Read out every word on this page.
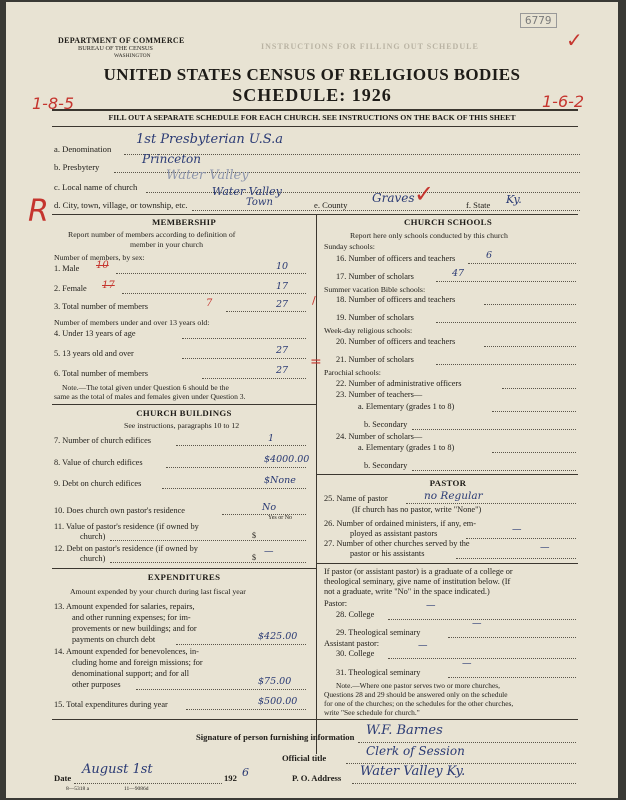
6779
✓
DEPARTMENT OF COMMERCE
BUREAU OF THE CENSUS
WASHINGTON
INSTRUCTIONS FOR FILLING OUT SCHEDULE
UNITED STATES CENSUS OF RELIGIOUS BODIES
SCHEDULE: 1926
1-8-5	1-6-2
FILL OUT A SEPARATE SCHEDULE FOR EACH CHURCH. SEE INSTRUCTIONS ON THE BACK OF THIS SHEET
a. Denomination
1st Presbyterian U.S.a
b. Presbytery
Princeton
c. Local name of church
Water Valley
d. City, town, village, or township, etc.
Water Valley
Town	e. County Graves ✓	f. State Ky.
R	MEMBERSHIP
Report number of members according to definition of
member in your church
Number of members, by sex:
1. Male 10	10
2. Female 17	17
3. Total number of members	7	27 /
Number of members under and over 13 years old:
4. Under 13 years of age
5. 13 years old and over	27
6. Total number of members	27
=
Note.—The total given under Question 6 should be the
same as the total of males and females given under Question 3.
CHURCH BUILDINGS
See instructions, paragraphs 10 to 12
7. Number of church edifices	1
8. Value of church edifices	$4000.00
9. Debt on church edifices	$None
10. Does church own pastor's residence	No
Yes or No
11. Value of pastor's residence (if owned by
church)	$
12. Debt on pastor's residence (if owned by
church)	$
—
EXPENDITURES
Amount expended by your church during last fiscal year
13. Amount expended for salaries, repairs,
and other running expenses; for im-
provements or new buildings; and for
payments on church debt	$425.00
14. Amount expended for benevolences, in-
cluding home and foreign missions; for
denominational support; and for all
other purposes	$75.00
15. Total expenditures during year	$500.00
CHURCH SCHOOLS
Report here only schools conducted by this church
Sunday schools:
16. Number of officers and teachers	6
17. Number of scholars	47
Summer vacation Bible schools:
18. Number of officers and teachers
19. Number of scholars
Week-day religious schools:
20. Number of officers and teachers
21. Number of scholars
Parochial schools:
22. Number of administrative officers
23. Number of teachers—
a. Elementary (grades 1 to 8)
b. Secondary
24. Number of scholars—
a. Elementary (grades 1 to 8)
b. Secondary
PASTOR
25. Name of pastor	no Regular
(If church has no pastor, write "None")
26. Number of ordained ministers, if any, em-
ployed as assistant pastors	—
27. Number of other churches served by the
pastor or his assistants
—
If pastor (or assistant pastor) is a graduate of a college or
theological seminary, give name of institution below. (If
not a graduate, write "No" in the space indicated.)
Pastor:
28. College
—
29. Theological seminary
—
Assistant pastor:
30. College
—
31. Theological seminary
—
Note.—Where one pastor serves two or more churches,
Questions 28 and 29 should be answered only on the schedule
for one of the churches; on the schedules for the other churches,
write "See schedule for church."
Signature of person furnishing information W.F. Barnes
Official title	Clerk of Session
Date
August 1st
192 6	P. O. Address Water Valley Ky.
8—5318 a	11—9086d
